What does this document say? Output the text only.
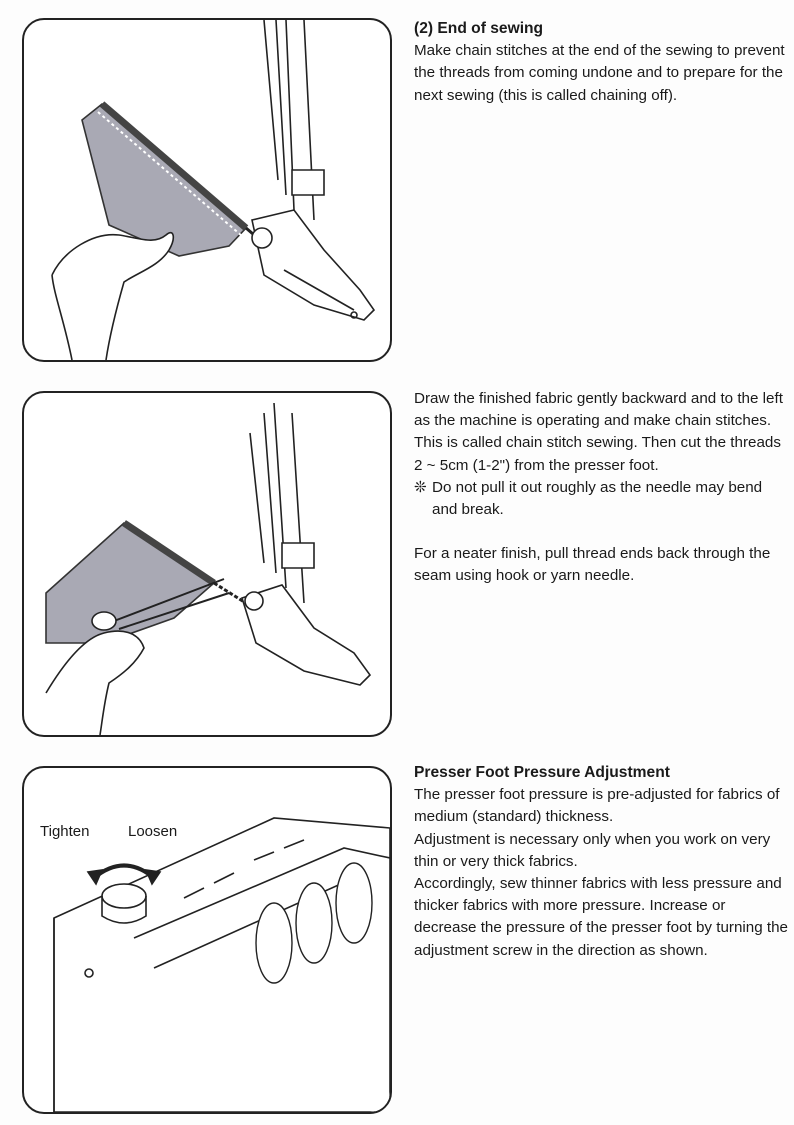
Tighten	Loosen

(2) End of sewing

Make chain stitches at the end of the sewing to prevent the threads from coming undone and to prepare for the next sewing (this is called chaining off).

Draw the finished fabric gently backward and to the left as the machine is operating and make chain stitches. This is called chain stitch sewing. Then cut the threads 2 ~ 5cm (1-2") from the presser foot.

❊ Do not pull it out roughly as the needle may bend and break.

For a neater finish, pull thread ends back through the seam using hook or yarn needle.

Presser Foot Pressure Adjustment

The presser foot pressure is pre-adjusted for fabrics of medium (standard) thickness.

Adjustment is necessary only when you work on very thin or very thick fabrics.

Accordingly, sew thinner fabrics with less pressure and thicker fabrics with more pressure. Increase or decrease the pressure of the presser foot by turning the adjustment screw in the direction as shown.
